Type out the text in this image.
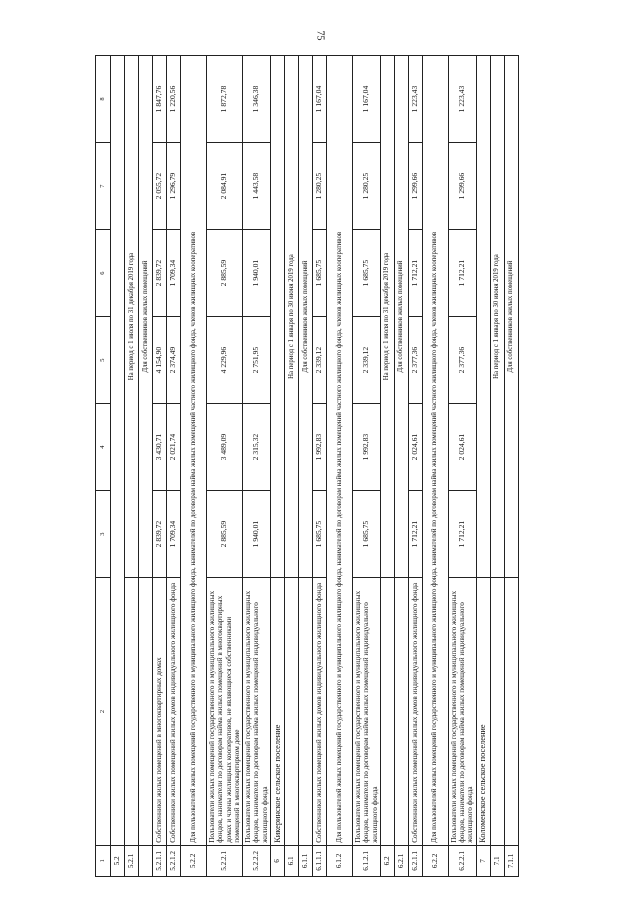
75
1	2	3	4	5	6	7	8
5.2							
5.2.1		На период с 1 июля по 31 декабря 2019 года					
		Для собственников жилых помещений					
5.2.1.1	Собственники жилых помещений в многоквартирных домах	2 839,72	3 430,71	4 154,90	2 839,72	2 055,72	1 847,76
5.2.1.2	Собственники жилых помещений жилых домов индивидуального жилищного фонда	1 709,34	2 021,74	2 374,49	1 709,34	1 296,79	1 220,56
5.2.2	Для пользователей жилых помещений государственного и муниципального жилищного фонда, нанимателей по договорам найма жилых помещений частного жилищного фонда, членов жилищных кооперативов						
5.2.2.1	Пользователи жилых помещений государственного и муниципального жилищных фондов, наниматели по договорам найма жилых помещений в многоквартирных домах и члены жилищных кооперативов, не являющиеся собственниками помещений в многоквартирном доме	2 885,59	3 489,09	4 229,96	2 885,59	2 084,91	1 872,78
5.2.2.2	Пользователи жилых помещений государственного и муниципального жилищных фондов, наниматели по договорам найма жилых помещений индивидуального жилищного фонда	1 940,01	2 315,32	2 751,95	1 940,01	1 443,58	1 346,38
6	Кикеринское сельское поселение						
6.1		На период с 1 января по 30 июня 2019 года					
6.1.1		Для собственников жилых помещений					
6.1.1.1	Собственники жилых помещений жилых домов индивидуального жилищного фонда	1 685,75	1 992,83	2 339,12	1 685,75	1 280,25	1 167,04
6.1.2	Для пользователей жилых помещений государственного и муниципального жилищного фонда, нанимателей по договорам найма жилых помещений частного жилищного фонда, членов жилищных кооперативов						
6.1.2.1	Пользователи жилых помещений государственного и муниципального жилищных фондов, наниматели по договорам найма жилых помещений индивидуального жилищного фонда	1 685,75	1 992,83	2 339,12	1 685,75	1 280,25	1 167,04
6.2		На период с 1 июля по 31 декабря 2019 года					
6.2.1		Для собственников жилых помещений					
6.2.1.1	Собственники жилых помещений жилых домов индивидуального жилищного фонда	1 712,21	2 024,61	2 377,36	1 712,21	1 299,66	1 223,43
6.2.2	Для пользователей жилых помещений государственного и муниципального жилищного фонда, нанимателей по договорам найма жилых помещений частного жилищного фонда, членов жилищных кооперативов						
6.2.2.1	Пользователи жилых помещений государственного и муниципального жилищных фондов, наниматели по договорам найма жилых помещений индивидуального жилищного фонда	1 712,21	2 024,61	2 377,36	1 712,21	1 299,66	1 223,43
7	Коломенское сельское поселение						
7.1		На период с 1 января по 30 июня 2019 года					
7.1.1		Для собственников жилых помещений					
